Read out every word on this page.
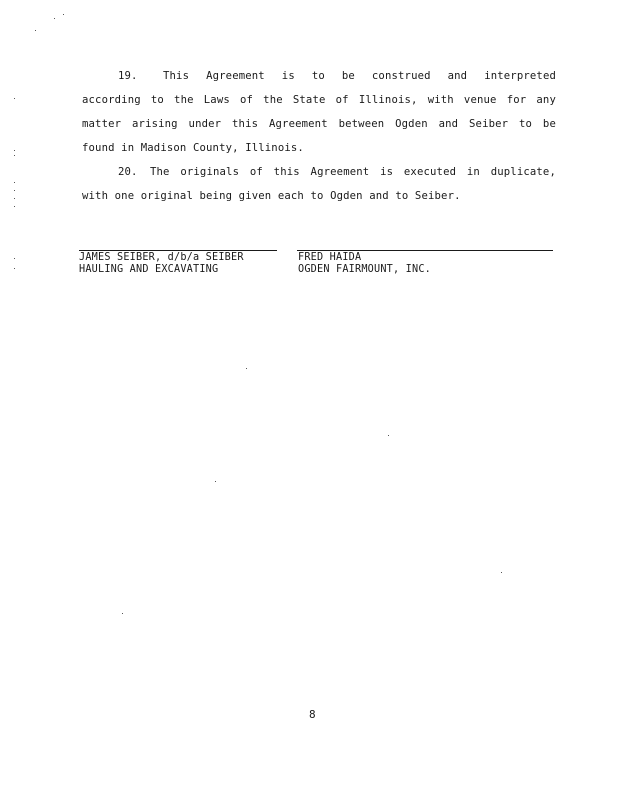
19. This Agreement is to be construed and interpreted
according to the Laws of the State of Illinois, with venue for any
matter arising under this Agreement between Ogden and Seiber to be
found in Madison County, Illinois.
20. The originals of this Agreement is executed in duplicate,
with one original being given each to Ogden and to Seiber.
JAMES SEIBER, d/b/a SEIBER
HAULING AND EXCAVATING
FRED HAIDA
OGDEN FAIRMOUNT, INC.
8
